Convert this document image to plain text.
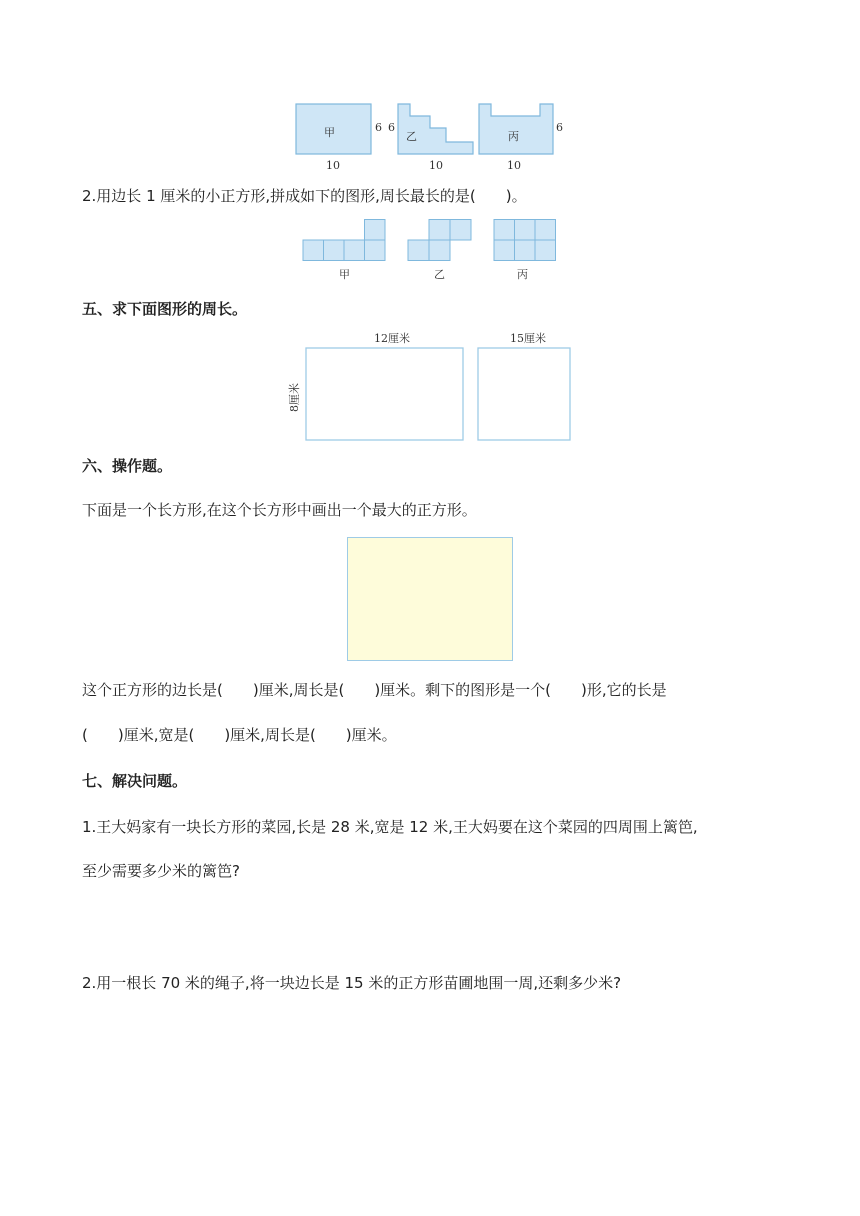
甲	6
10
6
乙
10
丙
6
10
2.用边长 1 厘米的小正方形,拼成如下的图形,周长最长的是(　　)。
甲	乙	丙
五、求下面图形的周长。
12厘米	15厘米
8厘米
六、操作题。
下面是一个长方形,在这个长方形中画出一个最大的正方形。
这个正方形的边长是(　　)厘米,周长是(　　)厘米。剩下的图形是一个(　　)形,它的长是
(　　)厘米,宽是(　　)厘米,周长是(　　)厘米。
七、解决问题。
1.王大妈家有一块长方形的菜园,长是 28 米,宽是 12 米,王大妈要在这个菜园的四周围上篱笆,
至少需要多少米的篱笆?
2.用一根长 70 米的绳子,将一块边长是 15 米的正方形苗圃地围一周,还剩多少米?
